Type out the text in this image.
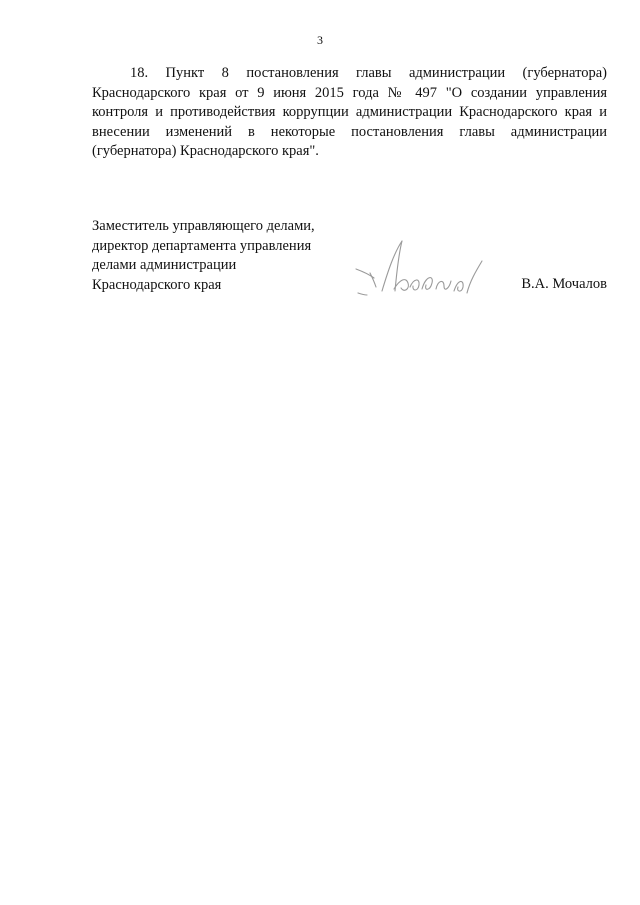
3
18. Пункт 8 постановления главы администрации (губернатора)
Краснодарского края от 9 июня 2015 года № 497 "О создании управления
контроля и противодействия коррупции администрации Краснодарского края и
внесении изменений в некоторые постановления главы администрации
(губернатора) Краснодарского края".
Заместитель управляющего делами,
директор департамента управления
делами администрации
Краснодарского края	В.А. Мочалов
